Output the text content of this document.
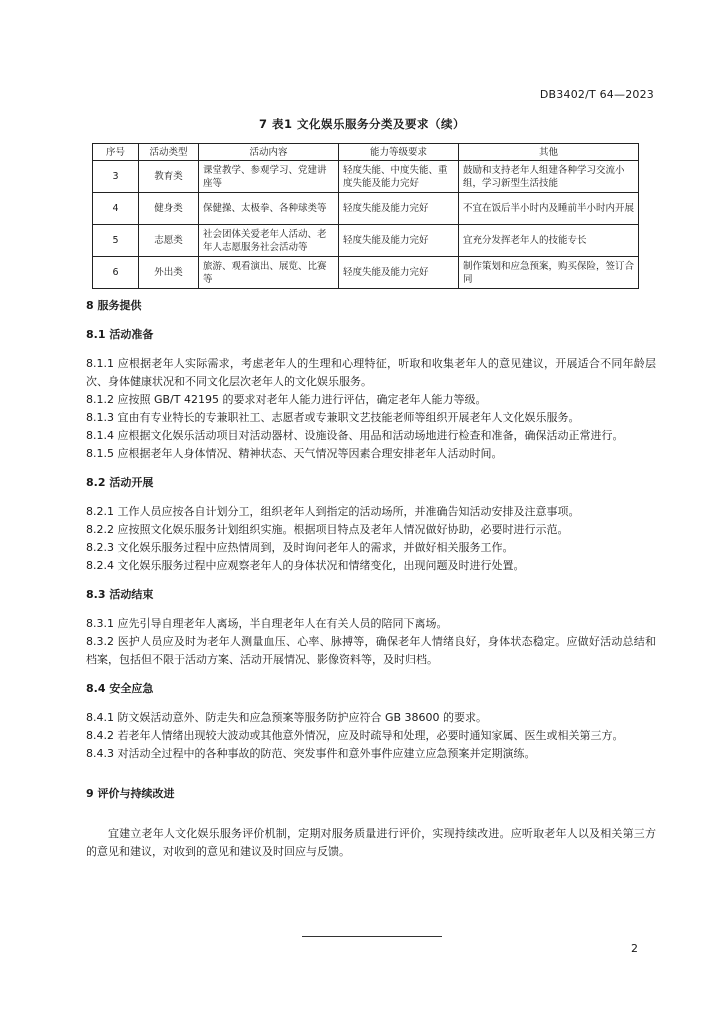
DB3402/T 64—2023
7 表1 文化娱乐服务分类及要求（续）
序号	活动类型	活动内容	能力等级要求	其他
3	教育类	课堂教学、参观学习、党建讲座等	轻度失能、中度失能、重度失能及能力完好	鼓励和支持老年人组建各种学习交流小组，学习新型生活技能
4	健身类	保健操、太极拳、各种球类等	轻度失能及能力完好	不宜在饭后半小时内及睡前半小时内开展
5	志愿类	社会团体关爱老年人活动、老年人志愿服务社会活动等	轻度失能及能力完好	宜充分发挥老年人的技能专长
6	外出类	旅游、观看演出、展览、比赛等	轻度失能及能力完好	制作策划和应急预案，购买保险，签订合同
8 服务提供
8.1 活动准备

8.1.1 应根据老年人实际需求，考虑老年人的生理和心理特征，听取和收集老年人的意见建议，开展适合不同年龄层次、身体健康状况和不同文化层次老年人的文化娱乐服务。

8.1.2 应按照 GB/T 42195 的要求对老年人能力进行评估，确定老年人能力等级。

8.1.3 宜由有专业特长的专兼职社工、志愿者或专兼职文艺技能老师等组织开展老年人文化娱乐服务。

8.1.4 应根据文化娱乐活动项目对活动器材、设施设备、用品和活动场地进行检查和准备，确保活动正常进行。

8.1.5 应根据老年人身体情况、精神状态、天气情况等因素合理安排老年人活动时间。

8.2 活动开展

8.2.1 工作人员应按各自计划分工，组织老年人到指定的活动场所，并准确告知活动安排及注意事项。

8.2.2 应按照文化娱乐服务计划组织实施。根据项目特点及老年人情况做好协助，必要时进行示范。

8.2.3 文化娱乐服务过程中应热情周到，及时询问老年人的需求，并做好相关服务工作。

8.2.4 文化娱乐服务过程中应观察老年人的身体状况和情绪变化，出现问题及时进行处置。

8.3 活动结束

8.3.1 应先引导自理老年人离场，半自理老年人在有关人员的陪同下离场。

8.3.2 医护人员应及时为老年人测量血压、心率、脉搏等，确保老年人情绪良好，身体状态稳定。应做好活动总结和档案，包括但不限于活动方案、活动开展情况、影像资料等，及时归档。

8.4 安全应急

8.4.1 防文娱活动意外、防走失和应急预案等服务防护应符合 GB 38600 的要求。

8.4.2 若老年人情绪出现较大波动或其他意外情况，应及时疏导和处理，必要时通知家属、医生或相关第三方。

8.4.3 对活动全过程中的各种事故的防范、突发事件和意外事件应建立应急预案并定期演练。

9 评价与持续改进

宜建立老年人文化娱乐服务评价机制，定期对服务质量进行评价，实现持续改进。应听取老年人以及相关第三方的意见和建议，对收到的意见和建议及时回应与反馈。

2
